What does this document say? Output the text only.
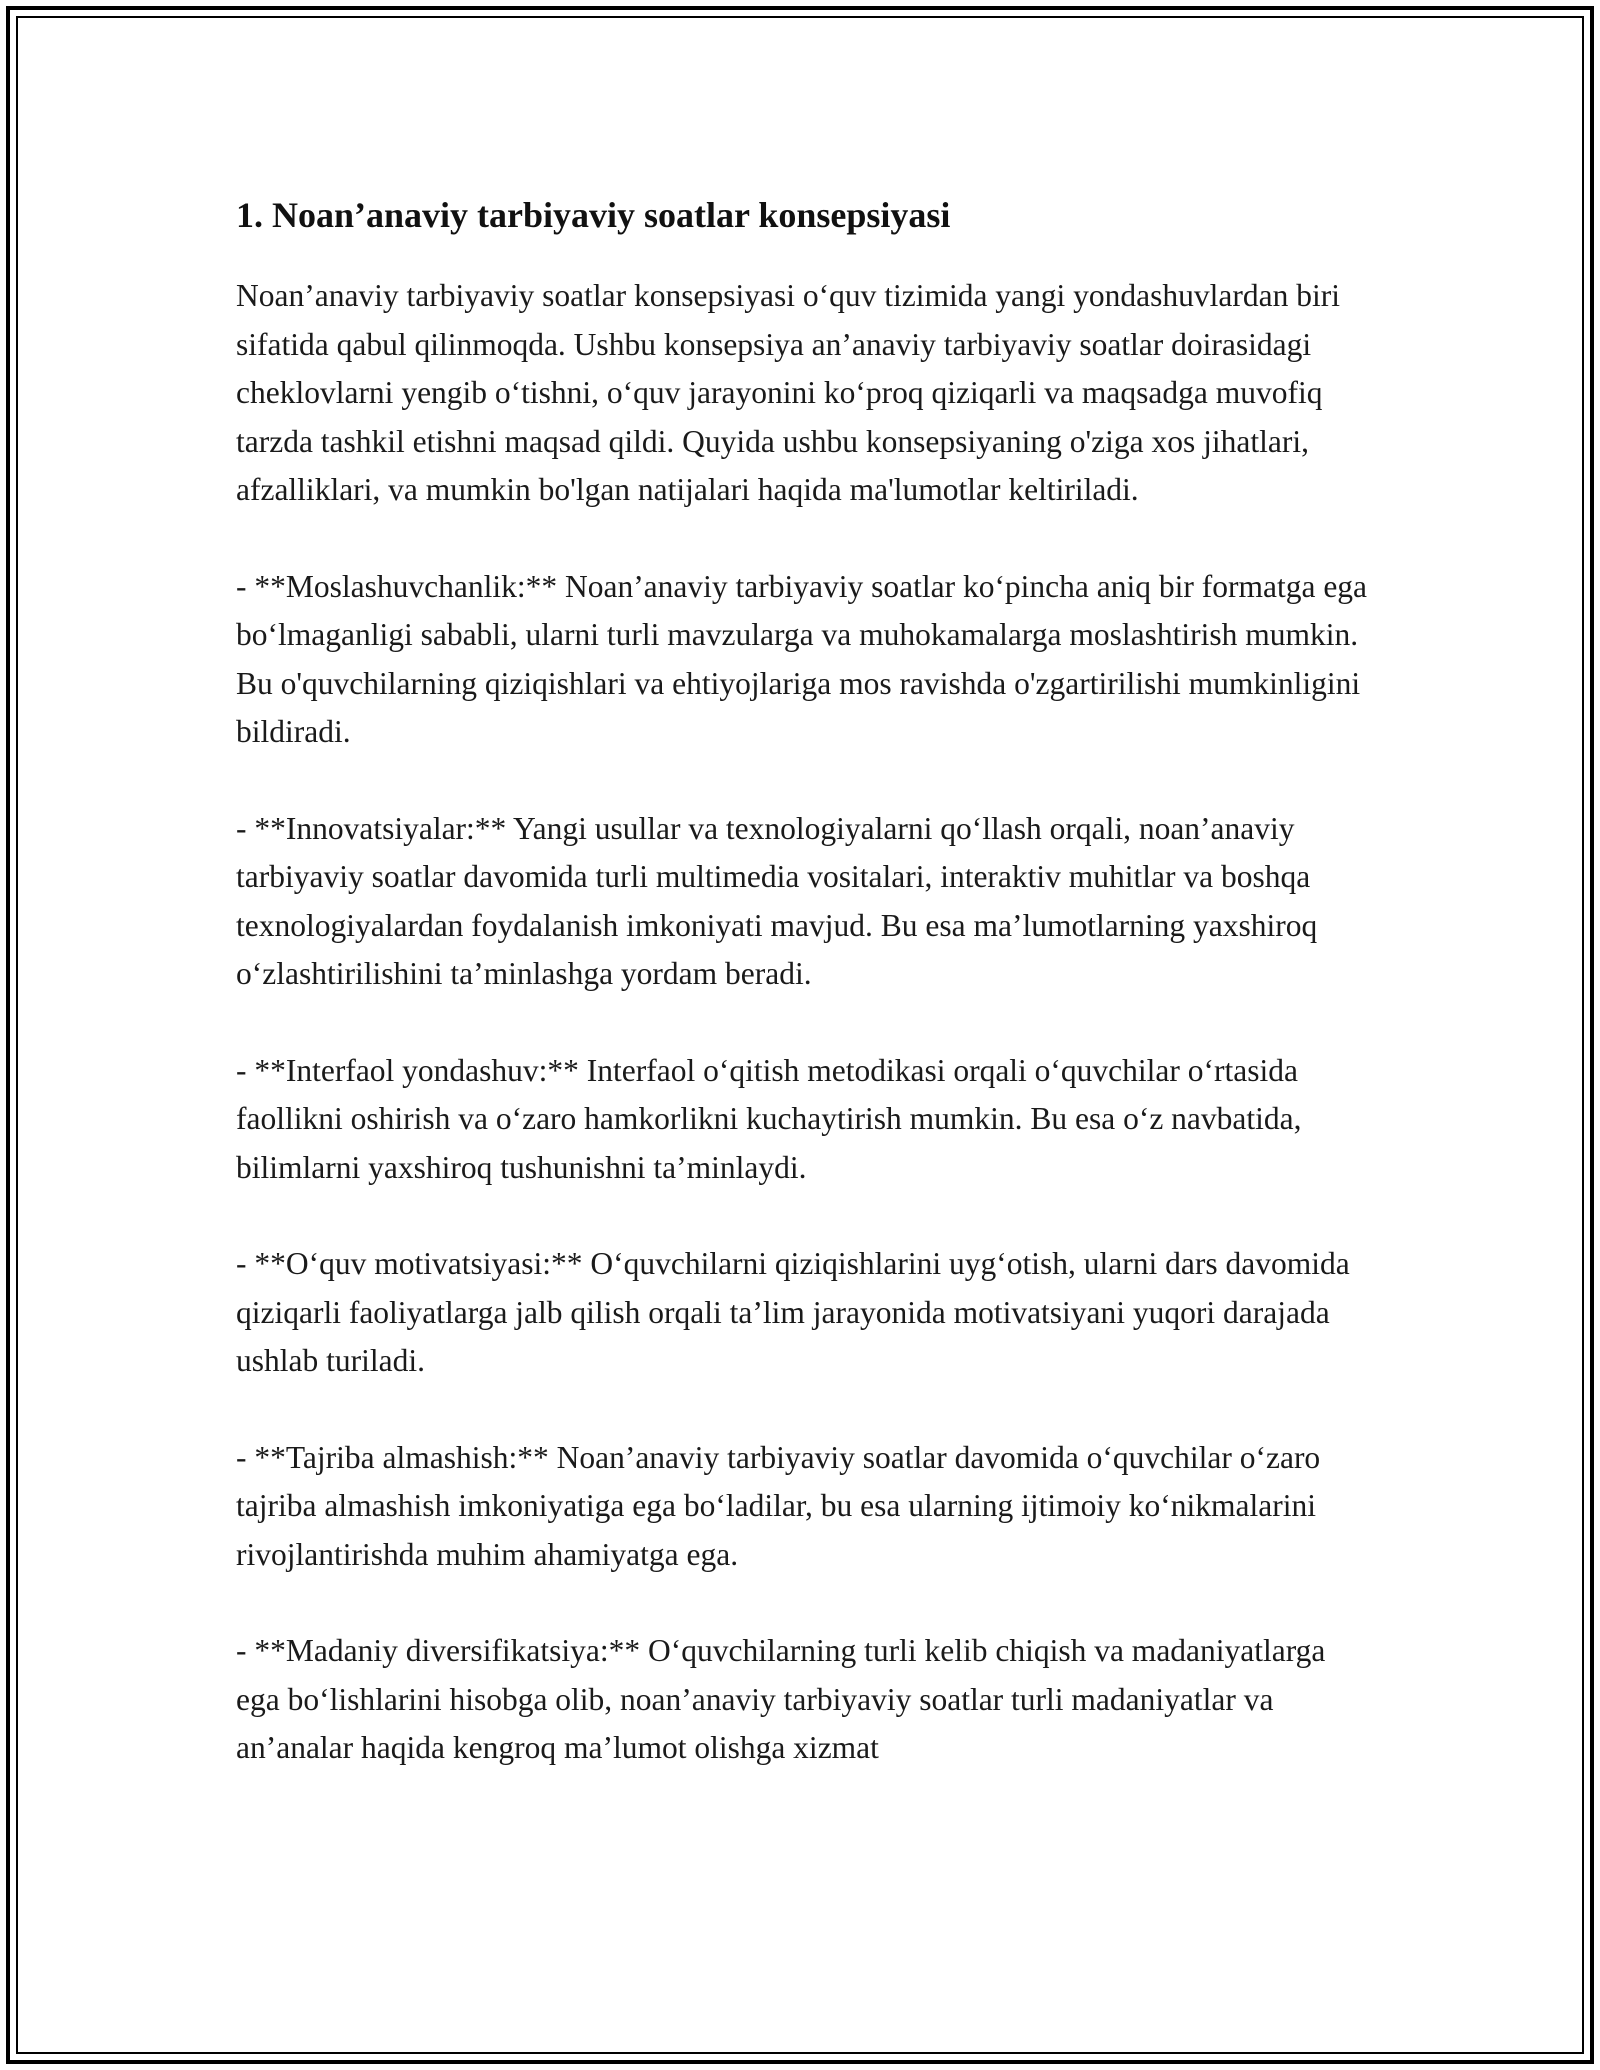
1. Noan’anaviy tarbiyaviy soatlar konsepsiyasi

Noan’anaviy tarbiyaviy soatlar konsepsiyasi o‘quv tizimida yangi yondashuvlardan biri sifatida qabul qilinmoqda. Ushbu konsepsiya an’anaviy tarbiyaviy soatlar doirasidagi cheklovlarni yengib o‘tishni, o‘quv jarayonini ko‘proq qiziqarli va maqsadga muvofiq tarzda tashkil etishni maqsad qildi. Quyida ushbu konsepsiyaning o'ziga xos jihatlari, afzalliklari, va mumkin bo'lgan natijalari haqida ma'lumotlar keltiriladi.

- **Moslashuvchanlik:** Noan’anaviy tarbiyaviy soatlar ko‘pincha aniq bir formatga ega bo‘lmaganligi sababli, ularni turli mavzularga va muhokamalarga moslashtirish mumkin. Bu o'quvchilarning qiziqishlari va ehtiyojlariga mos ravishda o'zgartirilishi mumkinligini bildiradi.

- **Innovatsiyalar:** Yangi usullar va texnologiyalarni qo‘llash orqali, noan’anaviy tarbiyaviy soatlar davomida turli multimedia vositalari, interaktiv muhitlar va boshqa texnologiyalardan foydalanish imkoniyati mavjud. Bu esa ma’lumotlarning yaxshiroq o‘zlashtirilishini ta’minlashga yordam beradi.

- **Interfaol yondashuv:** Interfaol o‘qitish metodikasi orqali o‘quvchilar o‘rtasida faollikni oshirish va o‘zaro hamkorlikni kuchaytirish mumkin. Bu esa o‘z navbatida, bilimlarni yaxshiroq tushunishni ta’minlaydi.

- **O‘quv motivatsiyasi:** O‘quvchilarni qiziqishlarini uyg‘otish, ularni dars davomida qiziqarli faoliyatlarga jalb qilish orqali ta’lim jarayonida motivatsiyani yuqori darajada ushlab turiladi.

- **Tajriba almashish:** Noan’anaviy tarbiyaviy soatlar davomida o‘quvchilar o‘zaro tajriba almashish imkoniyatiga ega bo‘ladilar, bu esa ularning ijtimoiy ko‘nikmalarini rivojlantirishda muhim ahamiyatga ega.

- **Madaniy diversifikatsiya:** O‘quvchilarning turli kelib chiqish va madaniyatlarga ega bo‘lishlarini hisobga olib, noan’anaviy tarbiyaviy soatlar turli madaniyatlar va an’analar haqida kengroq ma’lumot olishga xizmat
